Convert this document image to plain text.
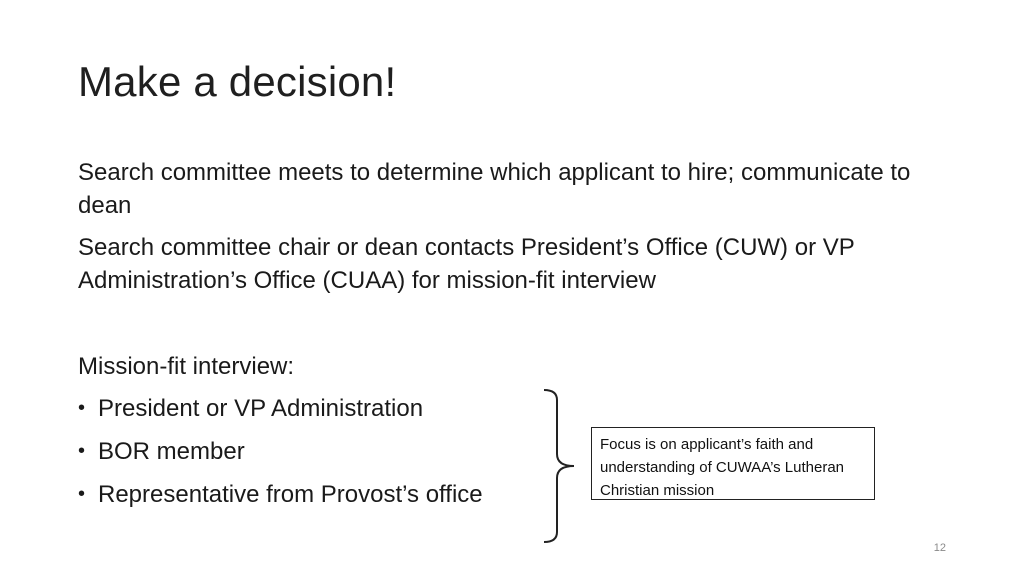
Make a decision!
Search committee meets to determine which applicant to hire; communicate to dean
Search committee chair or dean contacts President’s Office (CUW) or VP Administration’s Office (CUAA) for mission-fit interview
Mission-fit interview:
• President or VP Administration
• BOR member
• Representative from Provost’s office
Focus is on applicant’s faith and understanding of CUWAA’s Lutheran Christian mission
12
